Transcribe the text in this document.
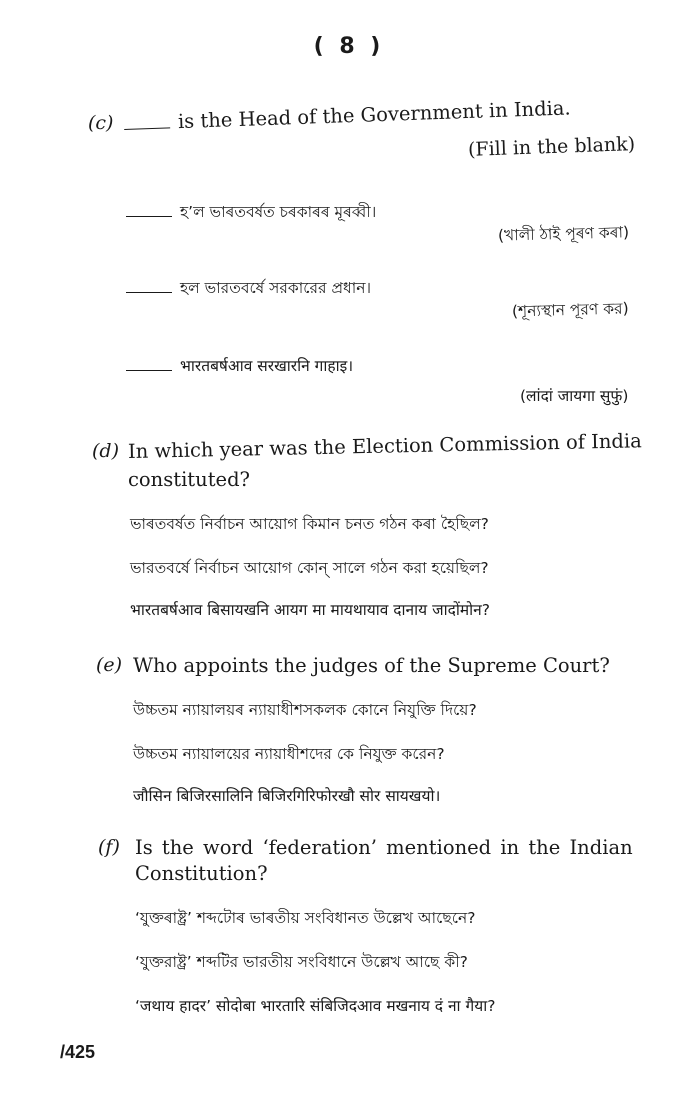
( 8 )
(c)	is the Head of the Government in India.
(Fill in the blank)
হ’ল ভাৰতবৰ্ষত চৰকাৰৰ মূৰব্বী।
(খালী ঠাই পূৰণ কৰা)
হল ভারতবর্ষে সরকারের প্রধান।
(শূন্যস্থান পূরণ কর)
भारतबर्षआव सरखारनि गाहाइ।
(लांदां जायगा सुफुं)
(d) In which year was the Election Commission of India
constituted?
ভাৰতবৰ্ষত নিৰ্বাচন আয়োগ কিমান চনত গঠন কৰা হৈছিল?
ভারতবর্ষে নির্বাচন আয়োগ কোন্ সালে গঠন করা হয়েছিল?
भारतबर्षआव बिसायखनि आयग मा मायथायाव दानाय जादोंमोन?
(e) Who appoints the judges of the Supreme Court?
উচ্চতম ন্যায়ালয়ৰ ন্যায়াধীশসকলক কোনে নিযুক্তি দিয়ে?
উচ্চতম ন্যায়ালয়ের ন্যায়াধীশদের কে নিযুক্ত করেন?
जौसिन बिजिरसालिनि बिजिरगिरिफोरखौ सोर सायखयो।
(f) Is the word ‘federation’ mentioned in the Indian
Constitution?
‘যুক্তৰাষ্ট্ৰ’ শব্দটোৰ ভাৰতীয় সংবিধানত উল্লেখ আছেনে?
‘যুক্তরাষ্ট্র’ শব্দটির ভারতীয় সংবিধানে উল্লেখ আছে কী?
‘जथाय हादर’ सोदोबा भारतारि संबिजिदआव मखनाय दं ना गैया?
/425
